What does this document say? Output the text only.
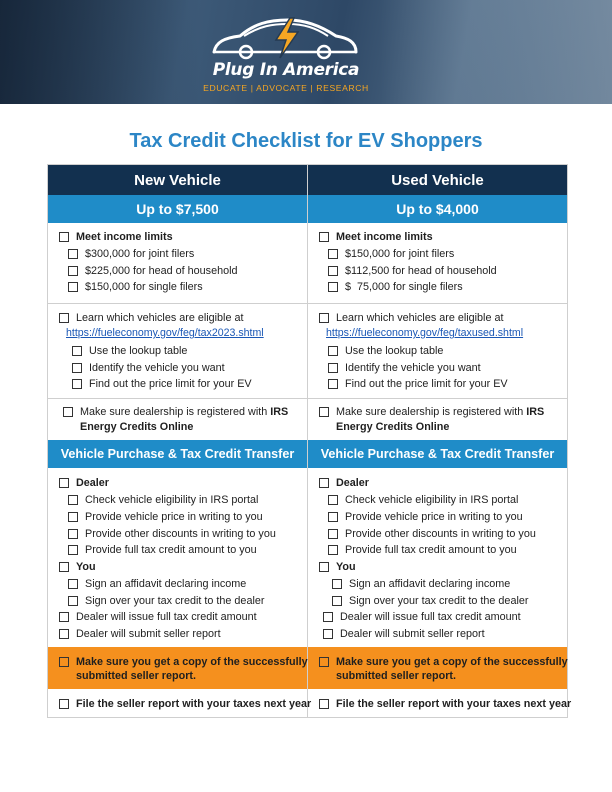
Plug In America
EDUCATE | ADVOCATE | RESEARCH
Tax Credit Checklist for EV Shoppers
New Vehicle
Up to $7,500
Meet income limits
$300,000 for joint filers
$225,000 for head of household
$150,000 for single filers
Learn which vehicles are eligible at
https://fueleconomy.gov/feg/tax2023.shtml
Use the lookup table
Identify the vehicle you want
Find out the price limit for your EV
Make sure dealership is registered with
IRS
Energy Credits Online
Vehicle Purchase & Tax Credit Transfer
Dealer
Check vehicle eligibility in IRS portal
Provide vehicle price in writing to you
Provide other discounts in writing to you
Provide full tax credit amount to you
You
Sign an affidavit declaring income
Sign over your tax credit to the dealer
Dealer will issue full tax credit amount
Dealer will submit seller report
Make sure you get a copy of the successfully
submitted seller report.
File the seller report with your taxes next year
Used Vehicle
Up to $4,000
Meet income limits
$150,000 for joint filers
$112,500 for head of household
$  75,000 for single filers
Learn which vehicles are eligible at
https://fueleconomy.gov/feg/taxused.shtml
Use the lookup table
Identify the vehicle you want
Find out the price limit for your EV
Make sure dealership is registered with
IRS
Energy Credits Online
Vehicle Purchase & Tax Credit Transfer
Dealer
Check vehicle eligibility in IRS portal
Provide vehicle price in writing to you
Provide other discounts in writing to you
Provide full tax credit amount to you
You
Sign an affidavit declaring income
Sign over your tax credit to the dealer
Dealer will issue full tax credit amount
Dealer will submit seller report
Make sure you get a copy of the successfully
submitted seller report.
File the seller report with your taxes next year
